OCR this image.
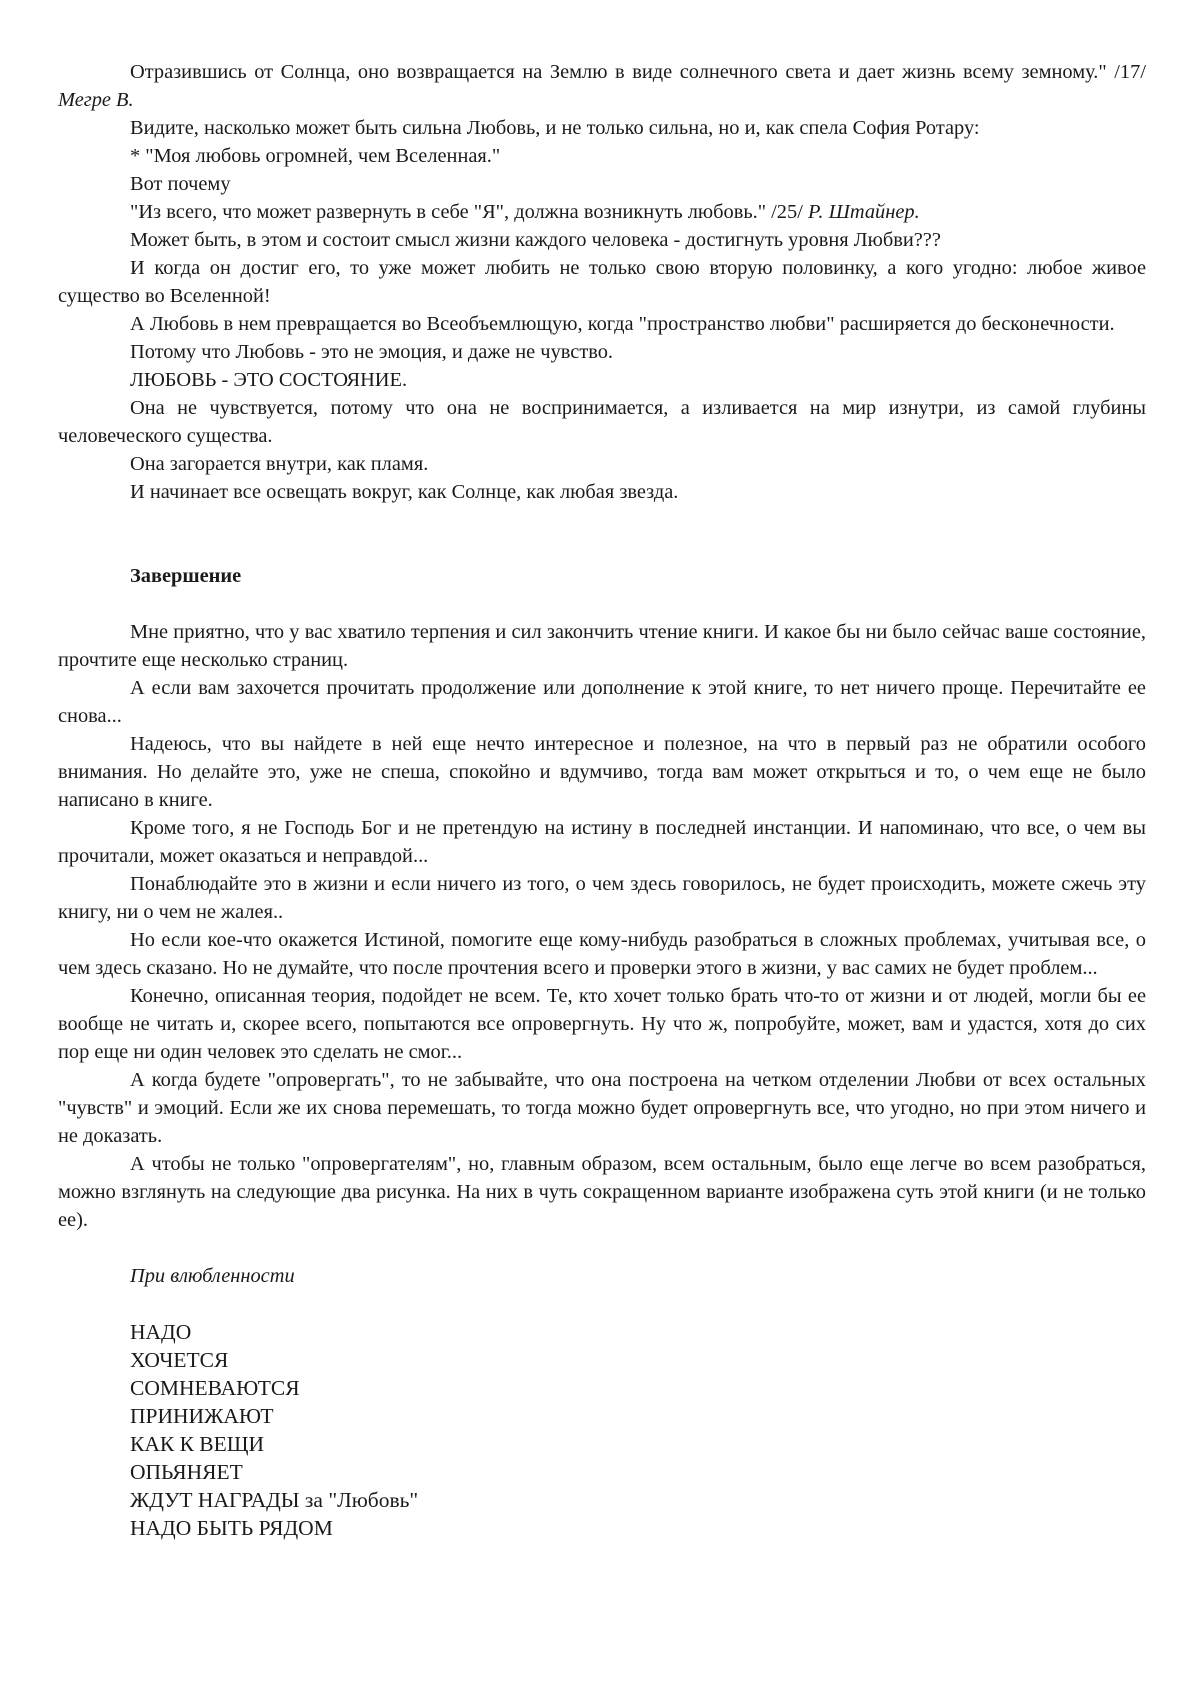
Отразившись от Солнца, оно возвращается на Землю в виде солнечного света и дает жизнь всему земному." /17/ Мегре В.

Видите, насколько может быть сильна Любовь, и не только сильна, но и, как спела София Ротару:

* "Моя любовь огромней, чем Вселенная."

Вот почему

"Из всего, что может развернуть в себе "Я", должна возникнуть любовь." /25/ Р. Штайнер.

Может быть, в этом и состоит смысл жизни каждого человека - достигнуть уровня Любви???

И когда он достиг его, то уже может любить не только свою вторую половинку, а кого угодно: любое живое существо во Вселенной!

А Любовь в нем превращается во Всеобъемлющую, когда "пространство любви" расширяется до бесконечности.

Потому что Любовь - это не эмоция, и даже не чувство.

ЛЮБОВЬ - ЭТО СОСТОЯНИЕ.

Она не чувствуется, потому что она не воспринимается, а изливается на мир изнутри, из самой глубины человеческого существа.

Она загорается внутри, как пламя.

И начинает все освещать вокруг, как Солнце, как любая звезда.

Завершение

Мне приятно, что у вас хватило терпения и сил закончить чтение книги. И какое бы ни было сейчас ваше состояние, прочтите еще несколько страниц.

А если вам захочется прочитать продолжение или дополнение к этой книге, то нет ничего проще. Перечитайте ее снова...

Надеюсь, что вы найдете в ней еще нечто интересное и полезное, на что в первый раз не обратили особого внимания. Но делайте это, уже не спеша, спокойно и вдумчиво, тогда вам может открыться и то, о чем еще не было написано в книге.

Кроме того, я не Господь Бог и не претендую на истину в последней инстанции. И напоминаю, что все, о чем вы прочитали, может оказаться и неправдой...

Понаблюдайте это в жизни и если ничего из того, о чем здесь говорилось, не будет происходить, можете сжечь эту книгу, ни о чем не жалея..

Но если кое-что окажется Истиной, помогите еще кому-нибудь разобраться в сложных проблемах, учитывая все, о чем здесь сказано. Но не думайте, что после прочтения всего и проверки этого в жизни, у вас самих не будет проблем...

Конечно, описанная теория, подойдет не всем. Те, кто хочет только брать что-то от жизни и от людей, могли бы ее вообще не читать и, скорее всего, попытаются все опровергнуть. Ну что ж, попробуйте, может, вам и удастся, хотя до сих пор еще ни один человек это сделать не смог...

А когда будете "опровергать", то не забывайте, что она построена на четком отделении Любви от всех остальных "чувств" и эмоций. Если же их снова перемешать, то тогда можно будет опровергнуть все, что угодно, но при этом ничего и не доказать.

А чтобы не только "опровергателям", но, главным образом, всем остальным, было еще легче во всем разобраться, можно взглянуть на следующие два рисунка. На них в чуть сокращенном варианте изображена суть этой книги (и не только ее).

При влюбленности

НАДО
ХОЧЕТСЯ
СОМНЕВАЮТСЯ
ПРИНИЖАЮТ
КАК К ВЕЩИ
ОПЬЯНЯЕТ
ЖДУТ НАГРАДЫ за "Любовь"
НАДО БЫТЬ РЯДОМ
